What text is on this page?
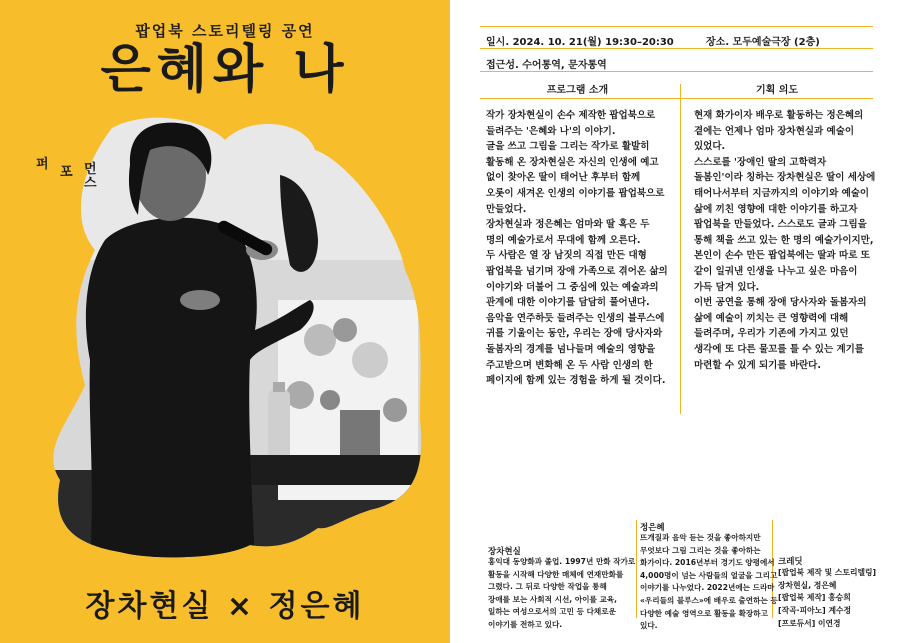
팝업북 스토리텔링 공연
은혜와 나
퍼
포 먼
스
장차현실 × 정은혜
일시. 2024. 10. 21(월) 19:30–20:30	장소. 모두예술극장 (2층)
접근성. 수어통역, 문자통역
프로그램 소개	기획 의도
작가 장차현실이 손수 제작한 팝업북으로
들려주는 '은혜와 나'의 이야기.
글을 쓰고 그림을 그리는 작가로 활발히
활동해 온 장차현실은 자신의 인생에 예고
없이 찾아온 딸이 태어난 후부터 함께
오롯이 새겨온 인생의 이야기를 팝업북으로
만들었다.
장차현실과 정은혜는 엄마와 딸 혹은 두
명의 예술가로서 무대에 함께 오른다.
두 사람은 열 장 남짓의 직접 만든 대형
팝업북을 넘기며 장애 가족으로 겪어온 삶의
이야기와 더불어 그 중심에 있는 예술과의
관계에 대한 이야기를 담담히 풀어낸다.
음악을 연주하듯 들려주는 인생의 블루스에
귀를 기울이는 동안, 우리는 장애 당사자와
돌봄자의 경계를 넘나들며 예술의 영향을
주고받으며 변화해 온 두 사람 인생의 한
페이지에 함께 있는 경험을 하게 될 것이다.
현재 화가이자 배우로 활동하는 정은혜의
곁에는 언제나 엄마 장차현실과 예술이
있었다.
스스로를 '장애인 딸의 고학력자
돌봄인'이라 칭하는 장차현실은 딸이 세상에
태어나서부터 지금까지의 이야기와 예술이
삶에 끼친 영향에 대한 이야기를 하고자
팝업북을 만들었다. 스스로도 글과 그림을
통해 책을 쓰고 있는 한 명의 예술가이지만,
본인이 손수 만든 팝업북에는 딸과 따로 또
같이 일궈낸 인생을 나누고 싶은 마음이
가득 담겨 있다.
이번 공연을 통해 장애 당사자와 돌봄자의
삶에 예술이 끼치는 큰 영향력에 대해
들려주며, 우리가 기존에 가지고 있던
생각에 또 다른 물꼬를 틀 수 있는 계기를
마련할 수 있게 되기를 바란다.
장차현실
홍익대 동양화과 졸업. 1997년 만화 작가로
활동을 시작해 다양한 매체에 연재만화를
그렸다. 그 뒤로 다양한 작업을 통해
장애를 보는 사회적 시선, 아이를 교육,
일하는 여성으로서의 고민 등 다채로운
이야기를 전하고 있다.
정은혜
뜨개질과 음악 듣는 것을 좋아하지만
무엇보다 그림 그리는 것을 좋아하는
화가이다. 2016년부터 경기도 양평에서
4,000명이 넘는 사람들의 얼굴을 그리고
이야기를 나누었다. 2022년에는 드라마
«우리들의 블루스»에 배우로 출연하는 등
다양한 예술 영역으로 활동을 확장하고
있다.
크레딧
[팝업북 제작 및 스토리텔링]
장차현실, 정은혜
[팝업북 제작] 홍승희
[작곡·피아노] 계수정
[프로듀서] 이연경
